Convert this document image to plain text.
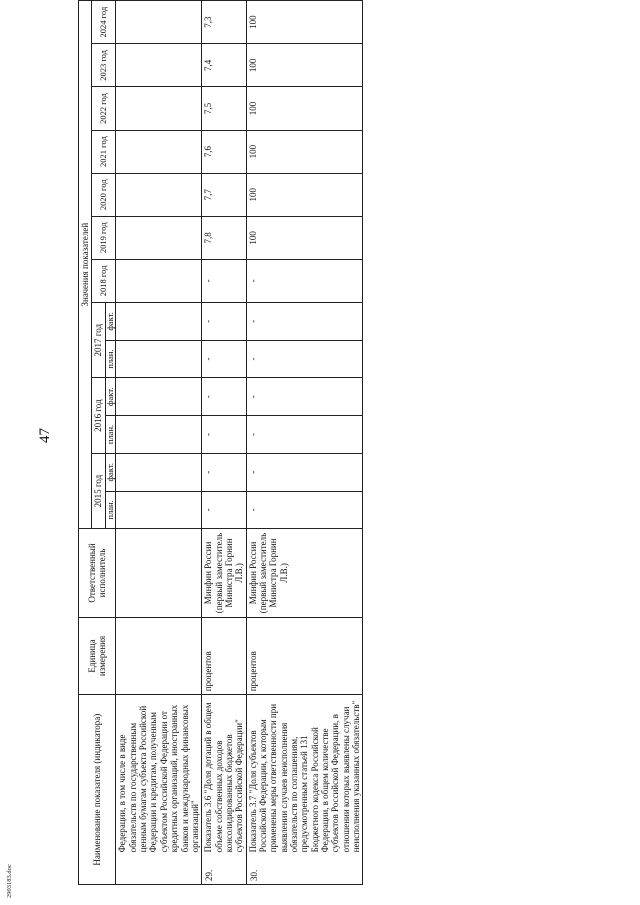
47
2903183.doc
Наименование показателя (индикатора)		Единица измерения	Ответственный исполнитель	Значения показателей												
				2015 год		2016 год		2017 год		2018 год	2019 год	2020 год	2021 год	2022 год	2023 год	2024 год
				план.	факт.	план.	факт.	план.	факт.							
	Федерации, в том числе в виде обязательств по государственным ценным бумагам субъекта Российской Федерации и кредитам, полученным субъектом Российской Федерации от кредитных организаций, иностранных банков и международных финансовых организаций"															
29.	Показатель 3.6 "Доля дотаций в общем объеме собственных доходов консолидированных бюджетов субъектов Российской Федерации"	процентов	Минфин России (первый заместитель Министра Горнин Л.В.)	-	-	-	-	-	-	-	7,8	7,7	7,6	7,5	7,4	7,3
30.	Показатель 3.7 "Доля субъектов Российской Федерации, к которым применены меры ответственности при выявлении случаев неисполнения обязательств по соглашениям, предусмотренным статьей 131 Бюджетного кодекса Российской Федерации, в общем количестве субъектов Российской Федерации, в отношении которых выявлены случаи неисполнения указанных обязательств"	процентов	Минфин России (первый заместитель Министра Горнин Л.В.)	-	-	-	-	-	-	-	100	100	100	100	100	100
